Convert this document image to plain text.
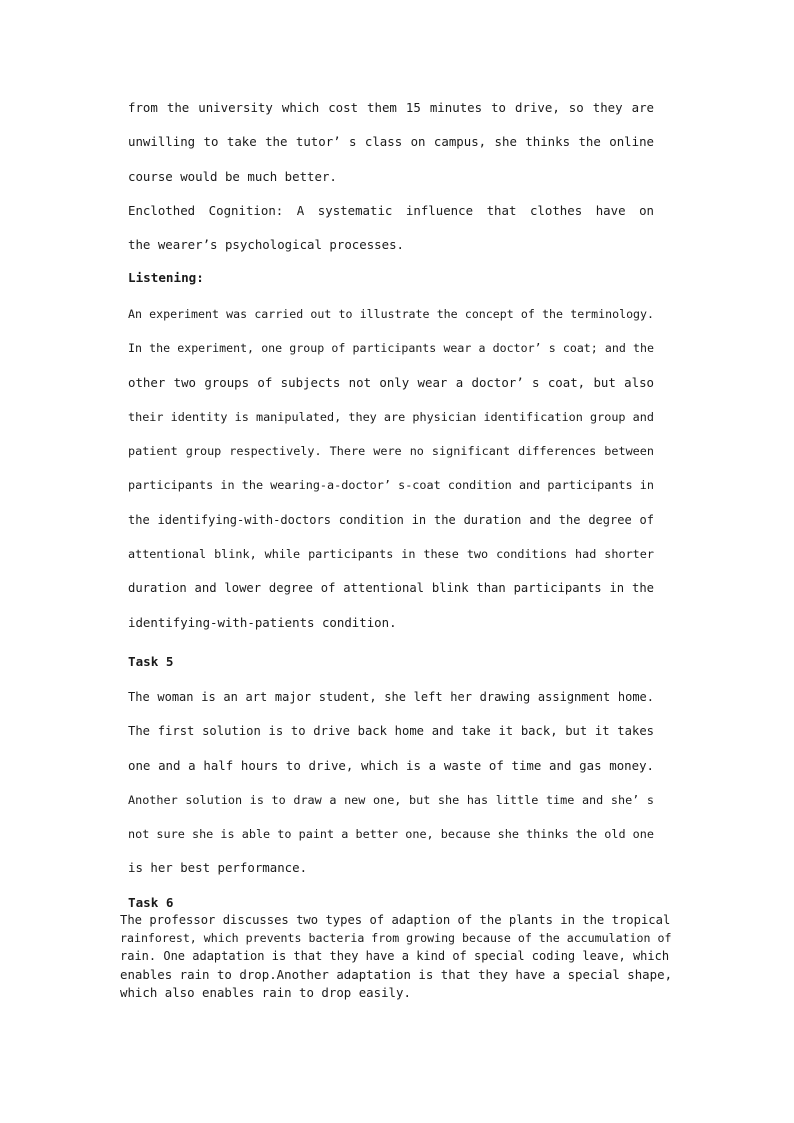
from the university which cost them 15 minutes to drive, so they are
unwilling to take the tutor’ s class on campus, she thinks the online
course would be much better.
Enclothed Cognition: A systematic influence that clothes have on
the wearer’s psychological processes.
Listening:
An experiment was carried out to illustrate the concept of the terminology.
In the experiment, one group of participants wear a doctor’ s coat; and the
other two groups of subjects not only wear a doctor’ s coat, but also
their identity is manipulated, they are physician identification group and
patient group respectively. There were no significant differences between
participants in the wearing-a-doctor’ s-coat condition and participants in
the identifying-with-doctors condition in the duration and the degree of
attentional blink, while participants in these two conditions had shorter
duration and lower degree of attentional blink than participants in the
identifying-with-patients condition.
Task 5
The woman is an art major student, she left her drawing assignment home.
The first solution is to drive back home and take it back, but it takes
one and a half hours to drive, which is a waste of time and gas money.
Another solution is to draw a new one, but she has little time and she’ s
not sure she is able to paint a better one, because she thinks the old one
is her best performance.
Task 6
The professor discusses two types of adaption of the plants in the tropical
rainforest, which prevents bacteria from growing because of the accumulation of
rain. One adaptation is that they have a kind of special coding leave, which
enables rain to drop.Another adaptation is that they have a special shape,
which also enables rain to drop easily.
